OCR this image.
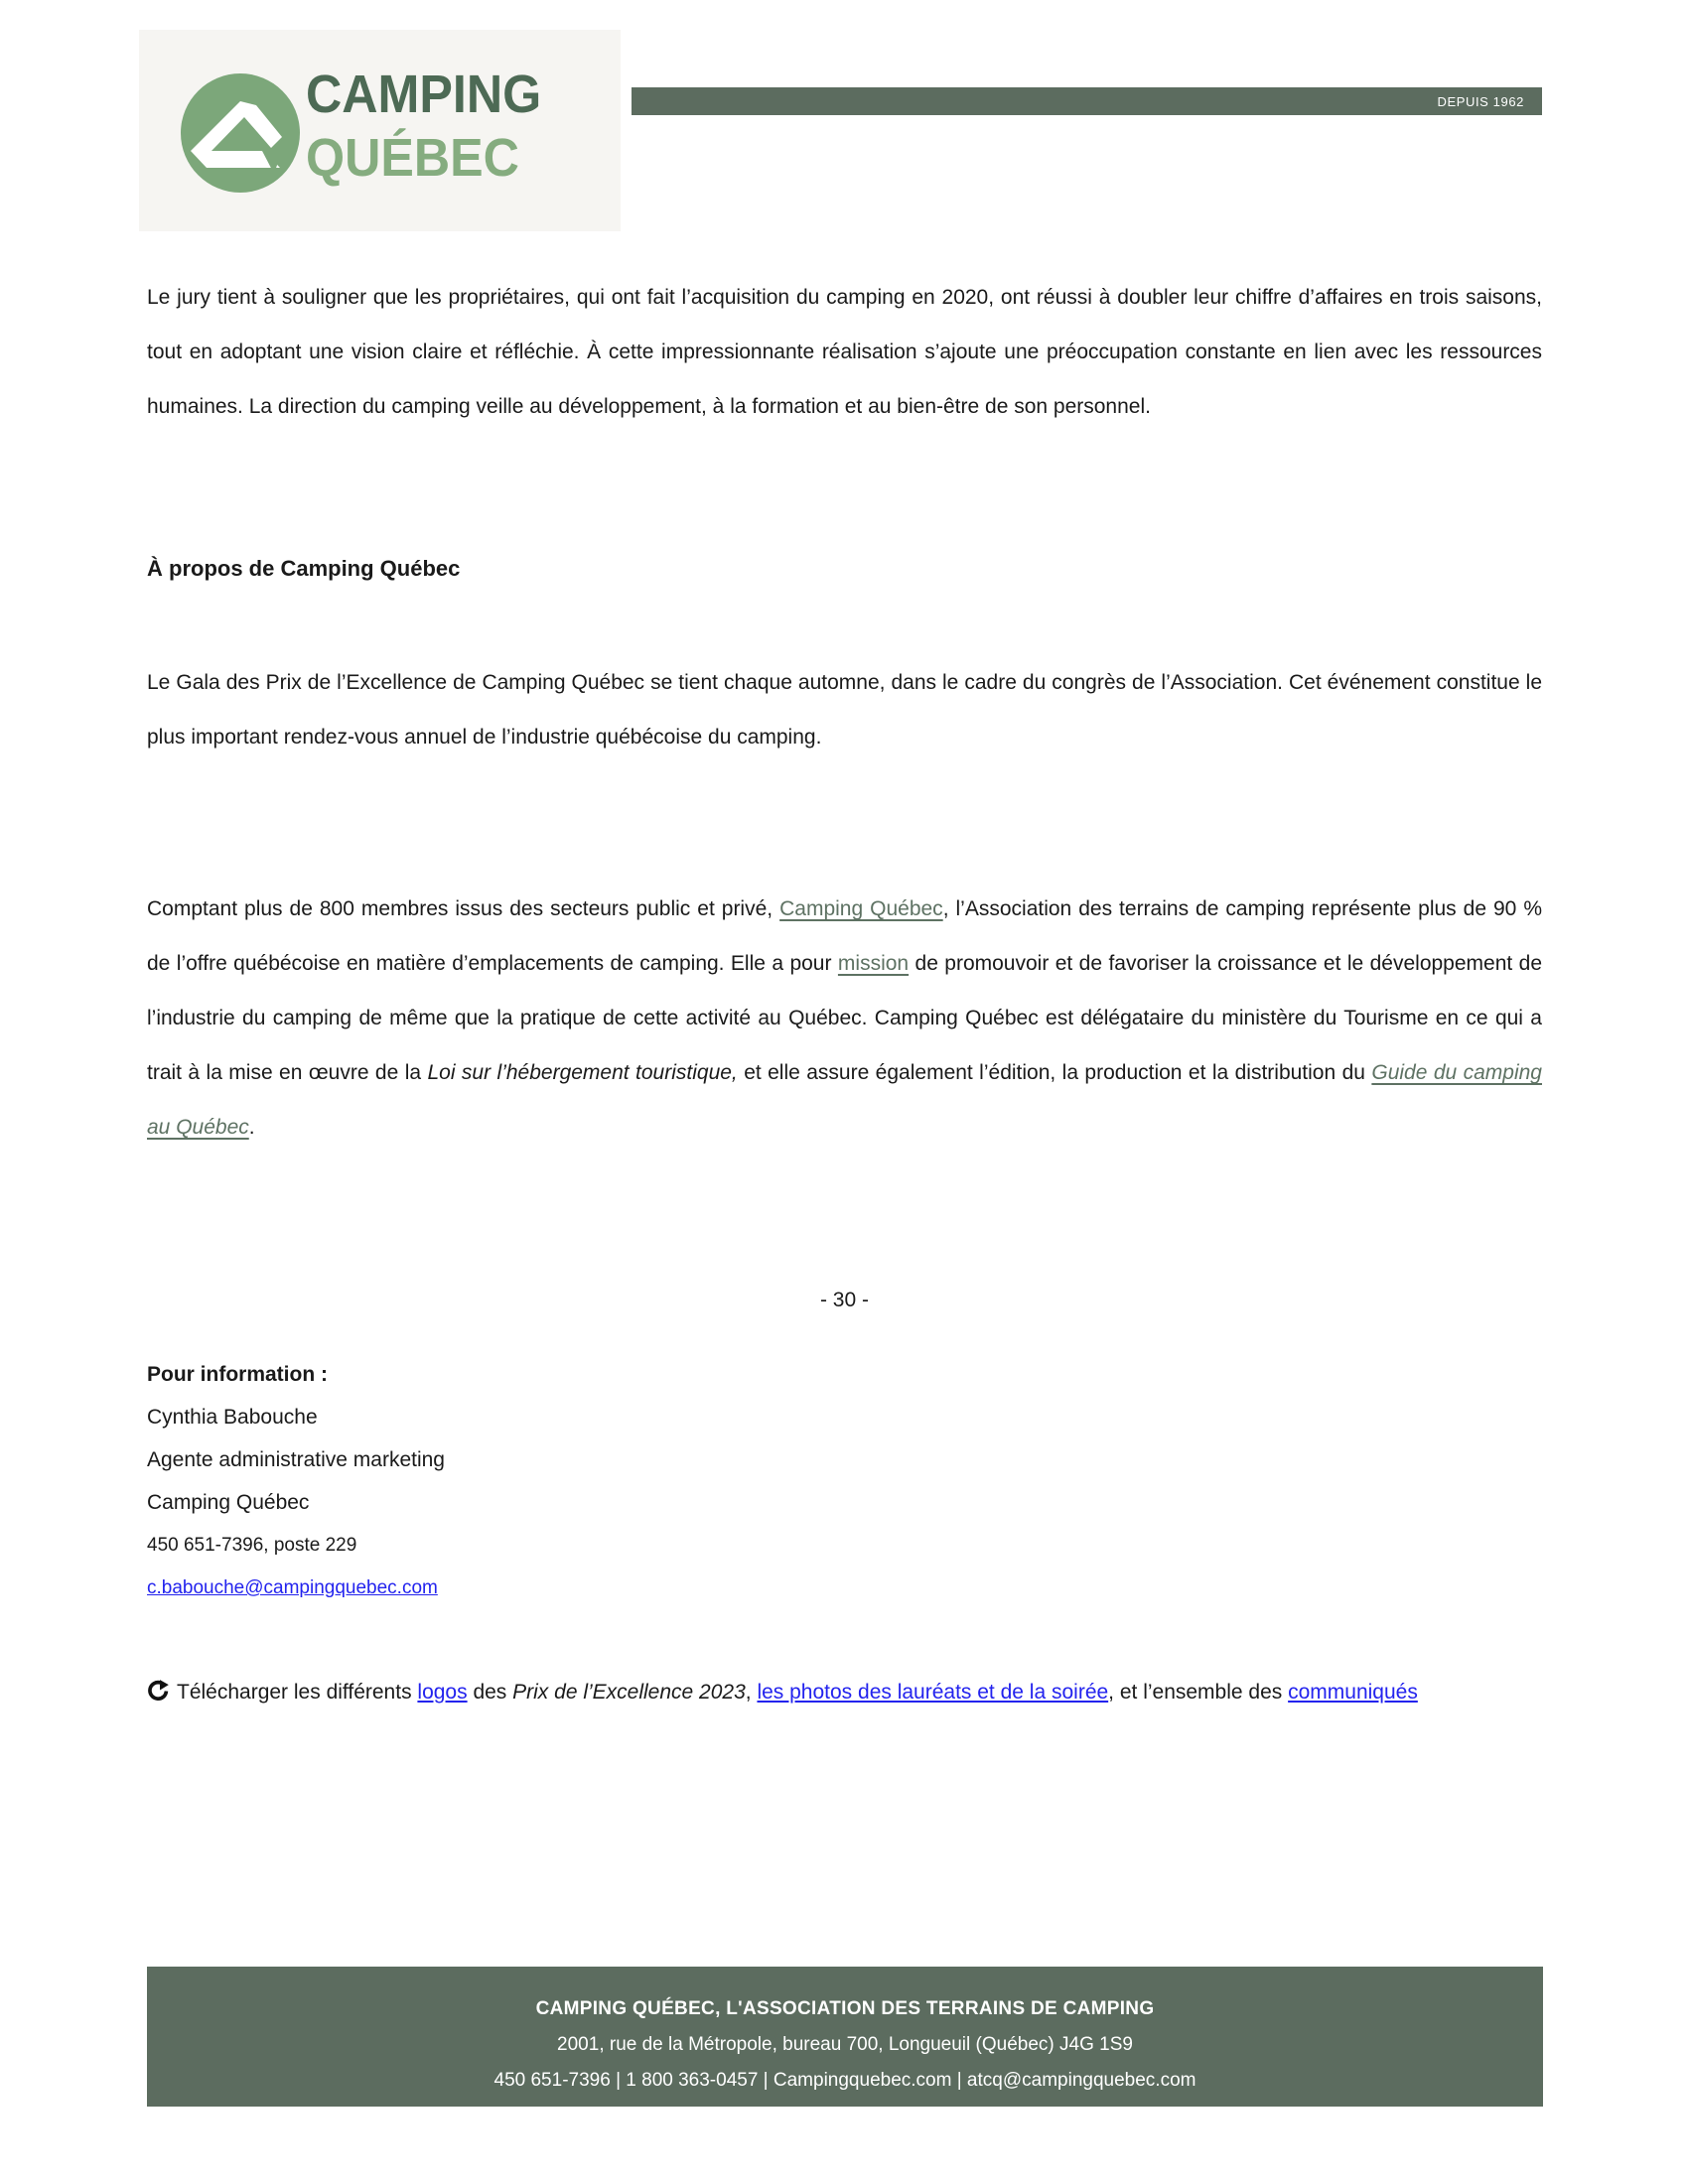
CAMPING
QUÉBEC
DEPUIS 1962
Le jury tient à souligner que les propriétaires, qui ont fait l’acquisition du camping en 2020, ont réussi à doubler leur chiffre d’affaires en trois saisons, tout en adoptant une vision claire et réfléchie. À cette impressionnante réalisation s’ajoute une préoccupation constante en lien avec les ressources humaines. La direction du camping veille au développement, à la formation et au bien-être de son personnel.
À propos de Camping Québec
Le Gala des Prix de l’Excellence de Camping Québec se tient chaque automne, dans le cadre du congrès de l’Association. Cet événement constitue le plus important rendez-vous annuel de l’industrie québécoise du camping.
Comptant plus de 800 membres issus des secteurs public et privé, Camping Québec, l’Association des terrains de camping représente plus de 90 % de l’offre québécoise en matière d’emplacements de camping. Elle a pour mission de promouvoir et de favoriser la croissance et le développement de l’industrie du camping de même que la pratique de cette activité au Québec. Camping Québec est délégataire du ministère du Tourisme en ce qui a trait à la mise en œuvre de la Loi sur l’hébergement touristique, et elle assure également l’édition, la production et la distribution du Guide du camping au Québec.
- 30 -
Pour information :
Cynthia Babouche
Agente administrative marketing
Camping Québec
450 651-7396, poste 229
c.babouche@campingquebec.com
Télécharger les différents logos des Prix de l’Excellence 2023, les photos des lauréats et de la soirée, et l’ensemble des communiqués
CAMPING QUÉBEC, L'ASSOCIATION DES TERRAINS DE CAMPING
2001, rue de la Métropole, bureau 700, Longueuil (Québec) J4G 1S9
450 651-7396 | 1 800 363-0457 | Campingquebec.com | atcq@campingquebec.com
